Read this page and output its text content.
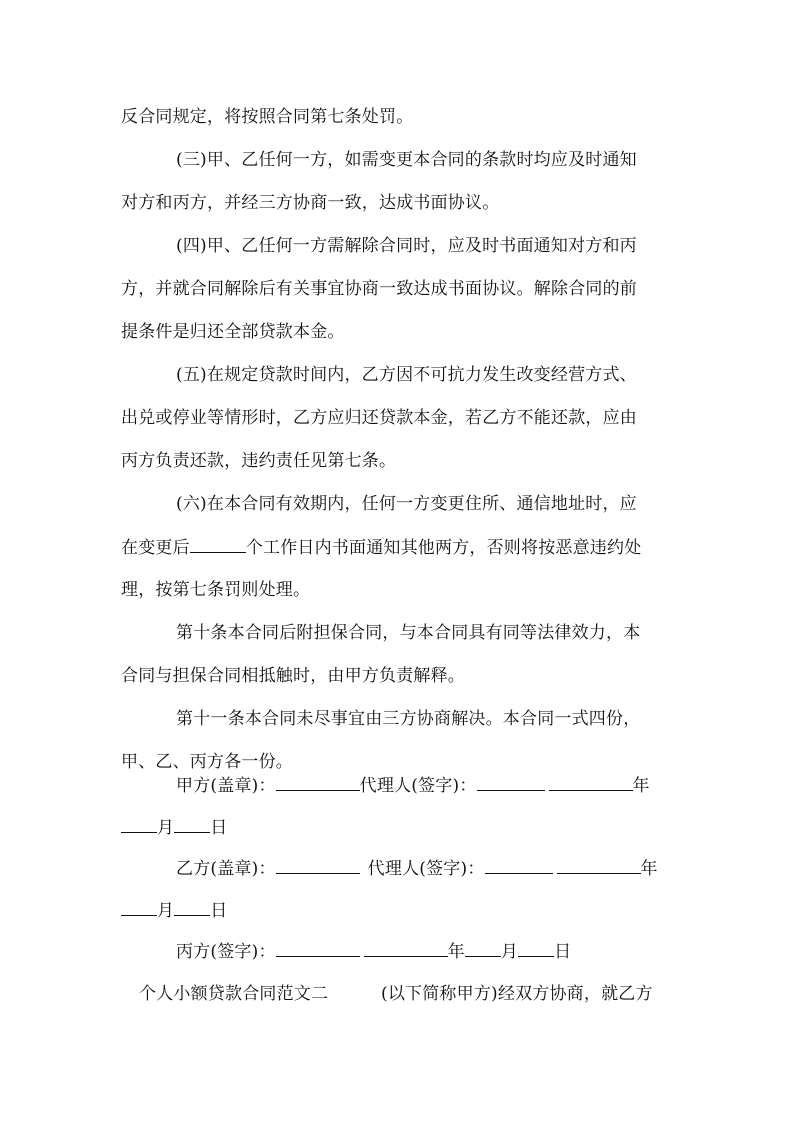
反合同规定，将按照合同第七条处罚。
(三)甲、乙任何一方，如需变更本合同的条款时均应及时通知
对方和丙方，并经三方协商一致，达成书面协议。
(四)甲、乙任何一方需解除合同时，应及时书面通知对方和丙
方，并就合同解除后有关事宜协商一致达成书面协议。解除合同的前
提条件是归还全部贷款本金。
(五)在规定贷款时间内，乙方因不可抗力发生改变经营方式、
出兑或停业等情形时，乙方应归还贷款本金，若乙方不能还款，应由
丙方负责还款，违约责任见第七条。
(六)在本合同有效期内，任何一方变更住所、通信地址时，应
在变更后	个工作日内书面通知其他两方，否则将按恶意违约处
理，按第七条罚则处理。
第十条本合同后附担保合同，与本合同具有同等法律效力，本
合同与担保合同相抵触时，由甲方负责解释。
第十一条本合同未尽事宜由三方协商解决。本合同一式四份，
甲、乙、丙方各一份。
甲方(盖章)：	代理人(签字)：	年
月 日
乙方(盖章)：	代理人(签字)：	年
月 日
丙方(签字)：	年 月 日
个人小额贷款合同范文二	(以下简称甲方)经双方协商，就乙方
